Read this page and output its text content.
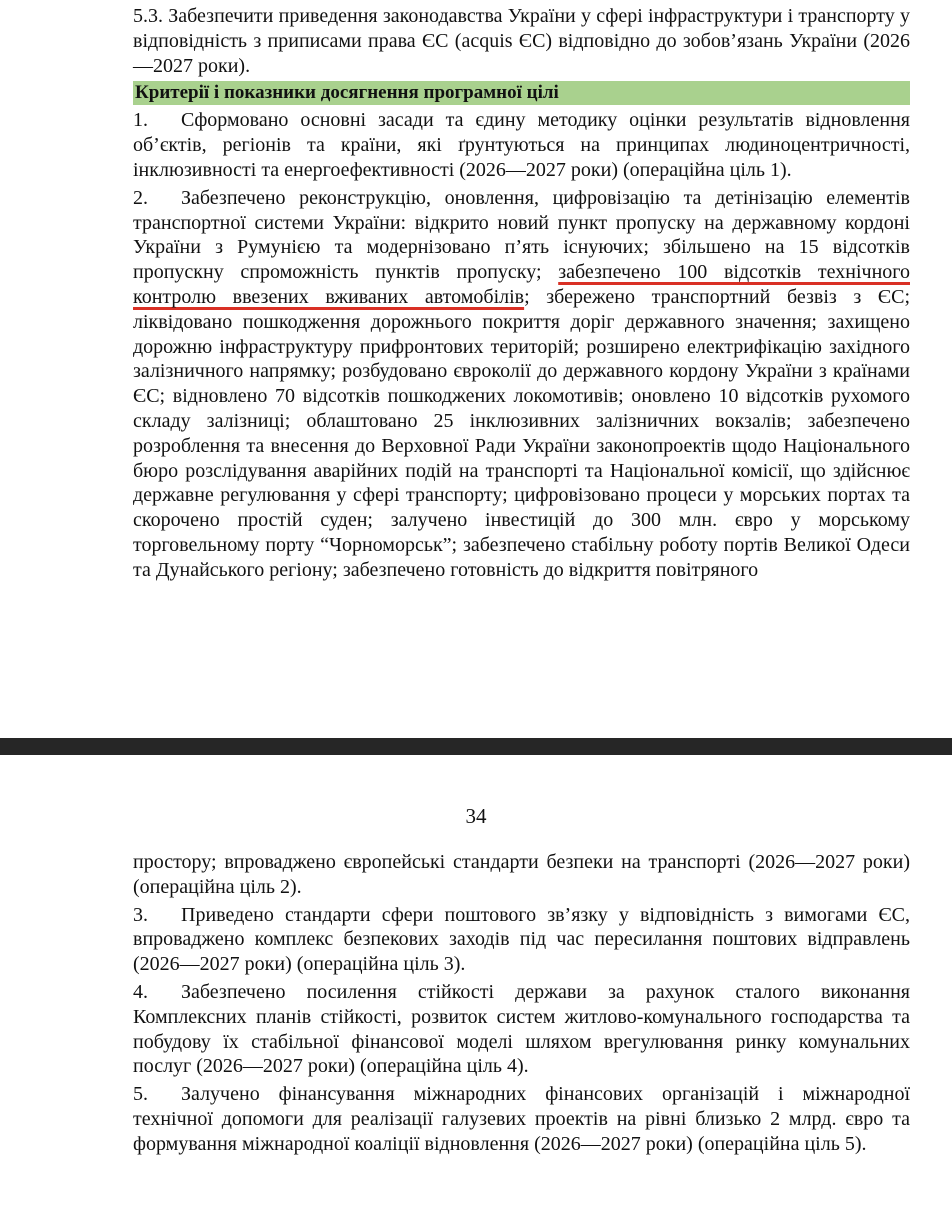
5.3. Забезпечити приведення законодавства України у сфері інфраструктури і транспорту у відповідність з приписами права ЄС (acquis ЄС) відповідно до зобов’язань України (2026—2027 роки).

Критерії і показники досягнення програмної цілі

1. Сформовано основні засади та єдину методику оцінки результатів відновлення об’єктів, регіонів та країни, які ґрунтуються на принципах людиноцентричності, інклюзивності та енергоефективності (2026—2027 роки) (операційна ціль 1).

2. Забезпечено реконструкцію, оновлення, цифровізацію та детінізацію елементів транспортної системи України: відкрито новий пункт пропуску на державному кордоні України з Румунією та модернізовано п’ять існуючих; збільшено на 15 відсотків пропускну спроможність пунктів пропуску; забезпечено 100 відсотків технічного контролю ввезених вживаних автомобілів; збережено транспортний безвіз з ЄС; ліквідовано пошкодження дорожнього покриття доріг державного значення; захищено дорожню інфраструктуру прифронтових територій; розширено електрифікацію західного залізничного напрямку; розбудовано євроколії до державного кордону України з країнами ЄС; відновлено 70 відсотків пошкоджених локомотивів; оновлено 10 відсотків рухомого складу залізниці; облаштовано 25 інклюзивних залізничних вокзалів; забезпечено розроблення та внесення до Верховної Ради України законопроектів щодо Національного бюро розслідування аварійних подій на транспорті та Національної комісії, що здійснює державне регулювання у сфері транспорту; цифровізовано процеси у морських портах та скорочено простій суден; залучено інвестицій до 300 млн. євро у морському торговельному порту “Чорноморськ”; забезпечено стабільну роботу портів Великої Одеси та Дунайського регіону; забезпечено готовність до відкриття повітряного

34

простору; впроваджено європейські стандарти безпеки на транспорті (2026—2027 роки) (операційна ціль 2).

3. Приведено стандарти сфери поштового зв’язку у відповідність з вимогами ЄС, впроваджено комплекс безпекових заходів під час пересилання поштових відправлень (2026—2027 роки) (операційна ціль 3).

4. Забезпечено посилення стійкості держави за рахунок сталого виконання Комплексних планів стійкості, розвиток систем житлово-комунального господарства та побудову їх стабільної фінансової моделі шляхом врегулювання ринку комунальних послуг (2026—2027 роки) (операційна ціль 4).

5. Залучено фінансування міжнародних фінансових організацій і міжнародної технічної допомоги для реалізації галузевих проектів на рівні близько 2 млрд. євро та формування міжнародної коаліції відновлення (2026—2027 роки) (операційна ціль 5).
